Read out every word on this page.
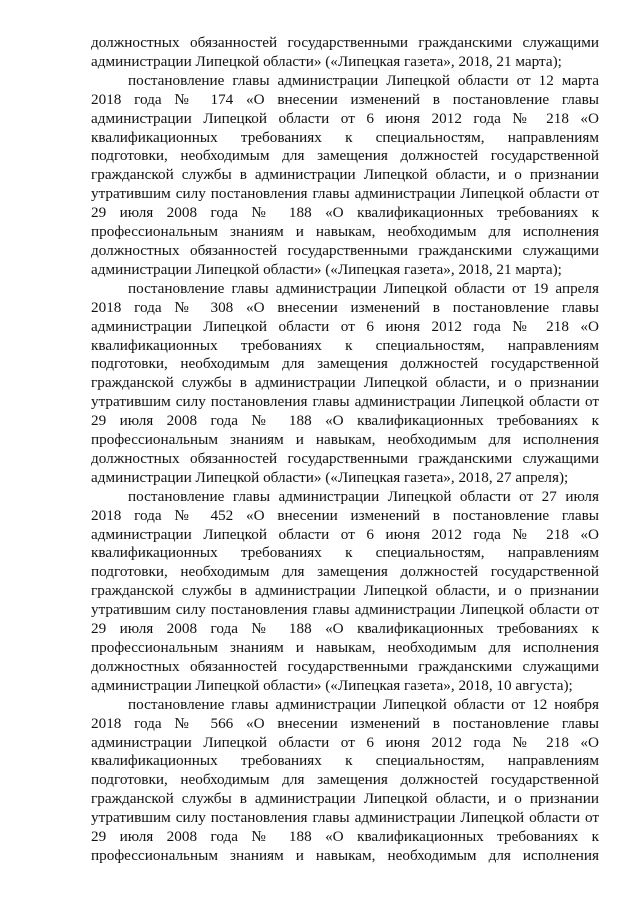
должностных обязанностей государственными гражданскими служащими
администрации Липецкой области» («Липецкая газета», 2018, 21 марта);
постановление главы администрации Липецкой области от 12 марта
2018 года № 174 «О внесении изменений в постановление главы
администрации Липецкой области от 6 июня 2012 года № 218 «О
квалификационных требованиях к специальностям, направлениям
подготовки, необходимым для замещения должностей государственной
гражданской службы в администрации Липецкой области, и о признании
утратившим силу постановления главы администрации Липецкой области от
29 июля 2008 года № 188 «О квалификационных требованиях к
профессиональным знаниям и навыкам, необходимым для исполнения
должностных обязанностей государственными гражданскими служащими
администрации Липецкой области» («Липецкая газета», 2018, 21 марта);
постановление главы администрации Липецкой области от 19 апреля
2018 года № 308 «О внесении изменений в постановление главы
администрации Липецкой области от 6 июня 2012 года № 218 «О
квалификационных требованиях к специальностям, направлениям
подготовки, необходимым для замещения должностей государственной
гражданской службы в администрации Липецкой области, и о признании
утратившим силу постановления главы администрации Липецкой области от
29 июля 2008 года № 188 «О квалификационных требованиях к
профессиональным знаниям и навыкам, необходимым для исполнения
должностных обязанностей государственными гражданскими служащими
администрации Липецкой области» («Липецкая газета», 2018, 27 апреля);
постановление главы администрации Липецкой области от 27 июля
2018 года № 452 «О внесении изменений в постановление главы
администрации Липецкой области от 6 июня 2012 года № 218 «О
квалификационных требованиях к специальностям, направлениям
подготовки, необходимым для замещения должностей государственной
гражданской службы в администрации Липецкой области, и о признании
утратившим силу постановления главы администрации Липецкой области от
29 июля 2008 года № 188 «О квалификационных требованиях к
профессиональным знаниям и навыкам, необходимым для исполнения
должностных обязанностей государственными гражданскими служащими
администрации Липецкой области» («Липецкая газета», 2018, 10 августа);
постановление главы администрации Липецкой области от 12 ноября
2018 года № 566 «О внесении изменений в постановление главы
администрации Липецкой области от 6 июня 2012 года № 218 «О
квалификационных требованиях к специальностям, направлениям
подготовки, необходимым для замещения должностей государственной
гражданской службы в администрации Липецкой области, и о признании
утратившим силу постановления главы администрации Липецкой области от
29 июля 2008 года № 188 «О квалификационных требованиях к
профессиональным знаниям и навыкам, необходимым для исполнения
